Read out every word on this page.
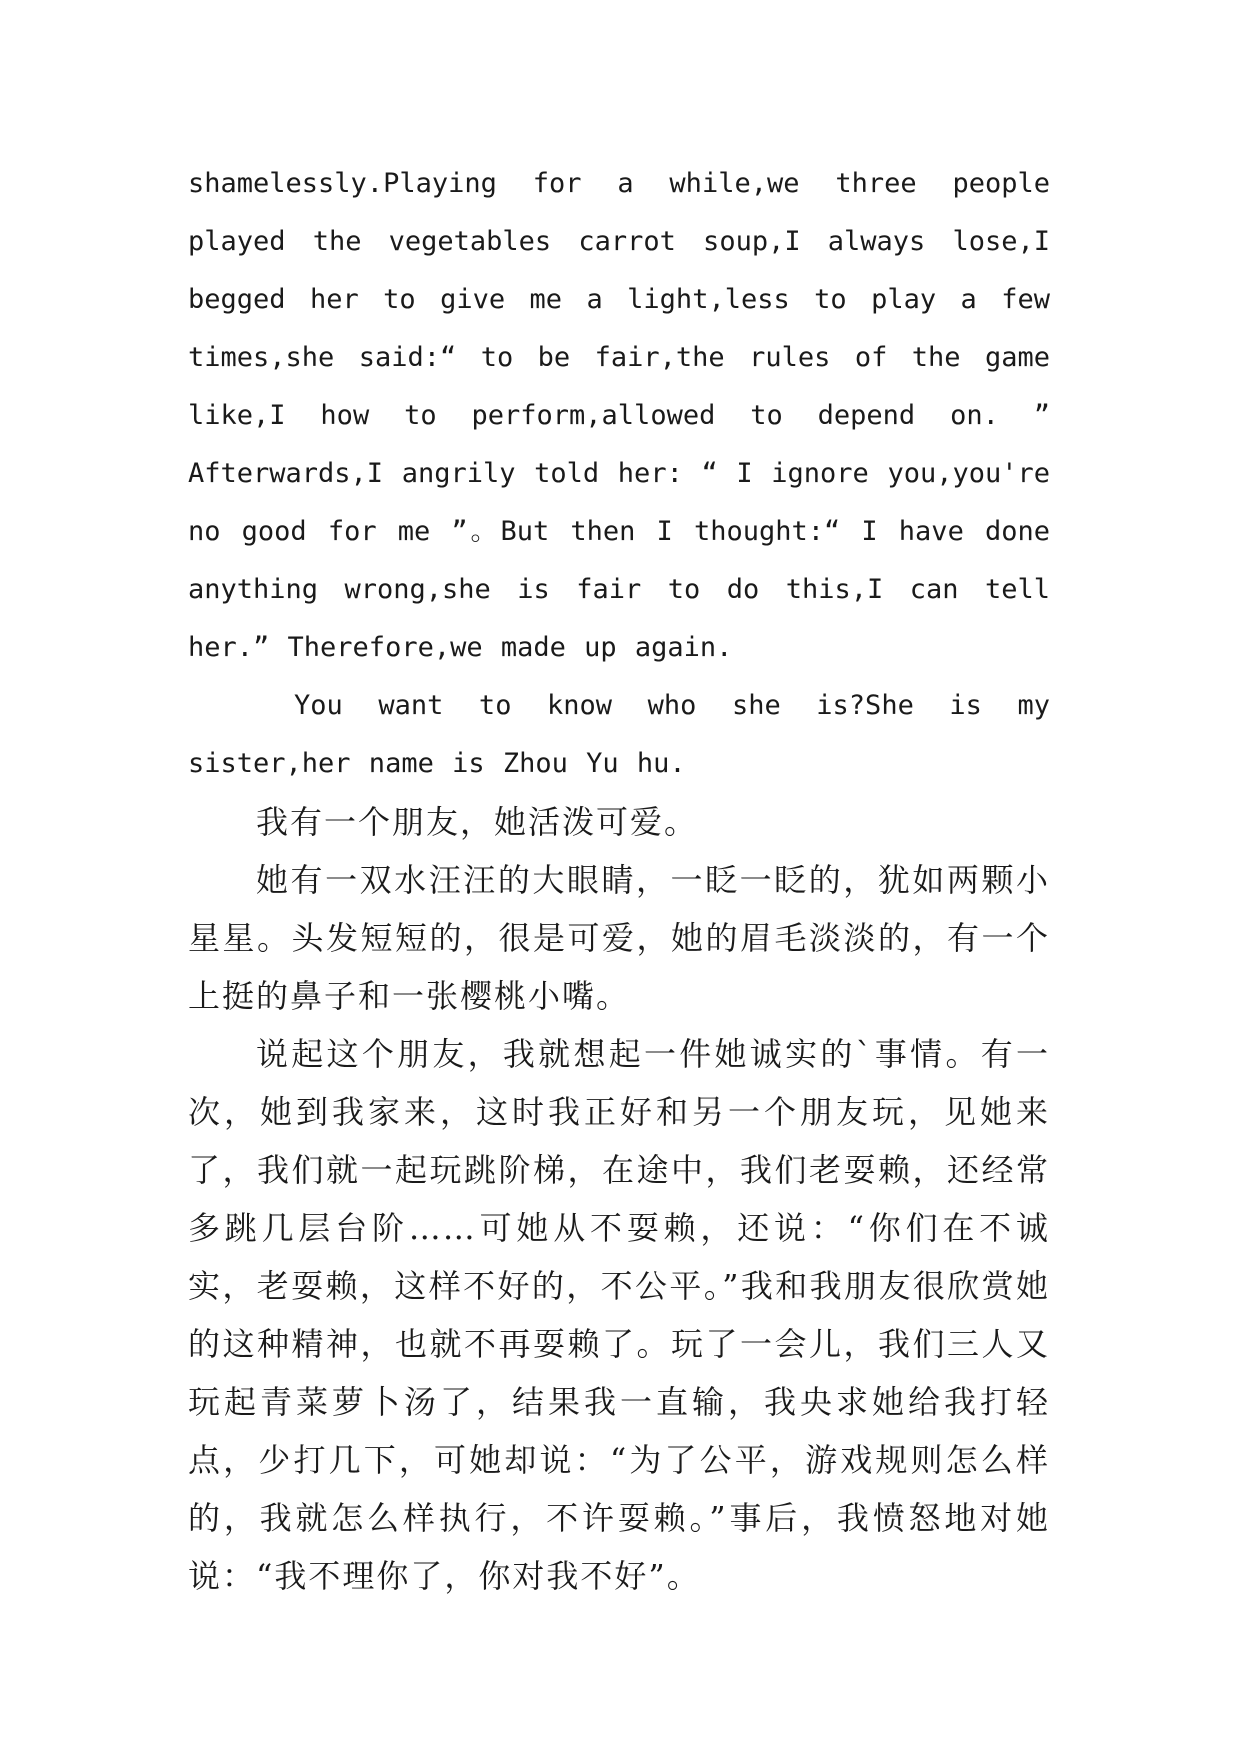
shamelessly.Playing for a while,we three people played the vegetables carrot soup,I always lose,I begged her to give me a light,less to play a few times,she said:“ to be fair,the rules of the game like,I how to perform,allowed to depend on. ” Afterwards,I angrily told her: “ I ignore you,you're no good for me ”。But then I thought:“ I have done anything wrong,she is fair to do this,I can tell her.” Therefore,we made up again.

You want to know who she is?She is my sister,her name is Zhou Yu hu.

我有一个朋友，她活泼可爱。

她有一双水汪汪的大眼睛，一眨一眨的，犹如两颗小星星。头发短短的，很是可爱，她的眉毛淡淡的，有一个上挺的鼻子和一张樱桃小嘴。

说起这个朋友，我就想起一件她诚实的`事情。有一次，她到我家来，这时我正好和另一个朋友玩，见她来了，我们就一起玩跳阶梯，在途中，我们老耍赖，还经常多跳几层台阶……可她从不耍赖，还说：“你们在不诚实，老耍赖，这样不好的，不公平。”我和我朋友很欣赏她的这种精神，也就不再耍赖了。玩了一会儿，我们三人又玩起青菜萝卜汤了，结果我一直输，我央求她给我打轻点，少打几下，可她却说：“为了公平，游戏规则怎么样的，我就怎么样执行，不许耍赖。”事后，我愤怒地对她说：“我不理你了，你对我不好”。
